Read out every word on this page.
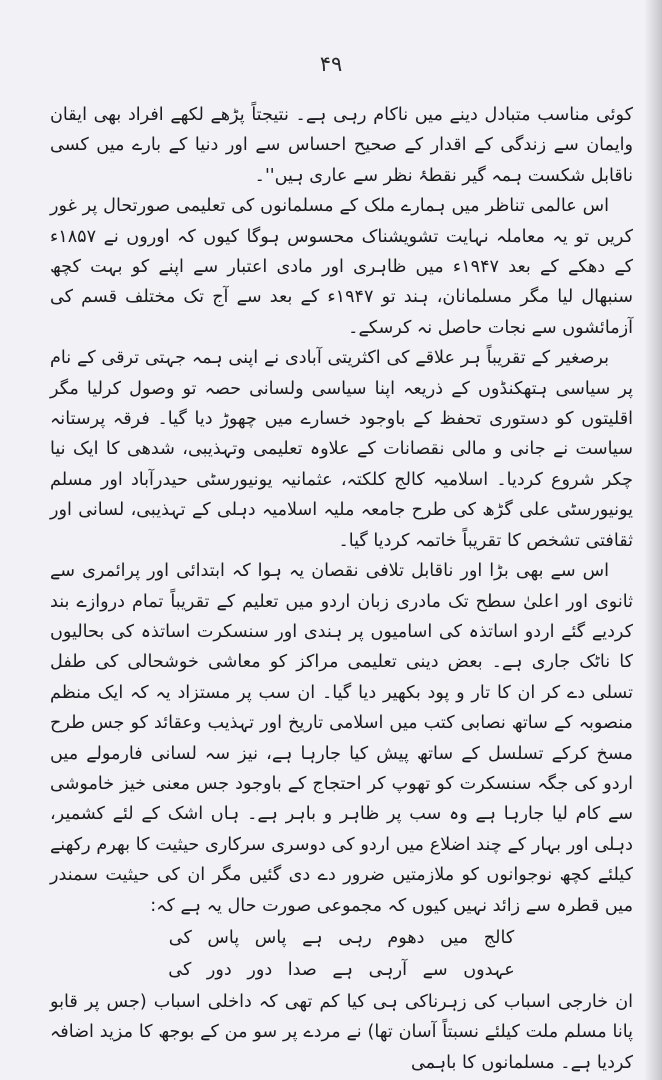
۴۹

کوئی مناسب متبادل دینے میں ناکام رہی ہے۔ نتیجتاً پڑھے لکھے افراد بھی ایقان وایمان سے زندگی کے اقدار کے صحیح احساس سے اور دنیا کے بارے میں کسی ناقابل شکست ہمہ گیر نقطۂ نظر سے عاری ہیں''۔

اس عالمی تناظر میں ہمارے ملک کے مسلمانوں کی تعلیمی صورتحال پر غور کریں تو یہ معاملہ نہایت تشویشناک محسوس ہوگا کیوں کہ اوروں نے ۱۸۵۷ء کے دھکے کے بعد ۱۹۴۷ء میں ظاہری اور مادی اعتبار سے اپنے کو بہت کچھ سنبھال لیا مگر مسلمانان، ہند تو ۱۹۴۷ء کے بعد سے آج تک مختلف قسم کی آزمائشوں سے نجات حاصل نہ کرسکے۔

برصغیر کے تقریباً ہر علاقے کی اکثریتی آبادی نے اپنی ہمہ جہتی ترقی کے نام پر سیاسی ہتھکنڈوں کے ذریعہ اپنا سیاسی ولسانی حصہ تو وصول کرلیا مگر اقلیتوں کو دستوری تحفظ کے باوجود خسارے میں چھوڑ دیا گیا۔ فرقہ پرستانہ سیاست نے جانی و مالی نقصانات کے علاوہ تعلیمی وتہذیبی، شدھی کا ایک نیا چکر شروع کردیا۔ اسلامیہ کالج کلکتہ، عثمانیہ یونیورسٹی حیدرآباد اور مسلم یونیورسٹی علی گڑھ کی طرح جامعہ ملیہ اسلامیہ دہلی کے تہذیبی، لسانی اور ثقافتی تشخص کا تقریباً خاتمہ کردیا گیا۔

اس سے بھی بڑا اور ناقابل تلافی نقصان یہ ہوا کہ ابتدائی اور پرائمری سے ثانوی اور اعلیٰ سطح تک مادری زبان اردو میں تعلیم کے تقریباً تمام دروازے بند کردیے گئے اردو اساتذہ کی اسامیوں پر ہندی اور سنسکرت اساتذہ کی بحالیوں کا ناٹک جاری ہے۔ بعض دینی تعلیمی مراکز کو معاشی خوشحالی کی طفل تسلی دے کر ان کا تار و پود بکھیر دیا گیا۔ ان سب پر مستزاد یہ کہ ایک منظم منصوبہ کے ساتھ نصابی کتب میں اسلامی تاریخ اور تہذیب وعقائد کو جس طرح مسخ کرکے تسلسل کے ساتھ پیش کیا جارہا ہے، نیز سہ لسانی فارمولے میں اردو کی جگہ سنسکرت کو تھوپ کر احتجاج کے باوجود جس معنی خیز خاموشی سے کام لیا جارہا ہے وہ سب پر ظاہر و باہر ہے۔ ہاں اشک کے لئے کشمیر، دہلی اور بہار کے چند اضلاع میں اردو کی دوسری سرکاری حیثیت کا بھرم رکھنے کیلئے کچھ نوجوانوں کو ملازمتیں ضرور دے دی گئیں مگر ان کی حیثیت سمندر میں قطرہ سے زائد نہیں کیوں کہ مجموعی صورت حال یہ ہے کہ:

کالج میں دھوم رہی ہے پاس پاس کی
عہدوں سے آرہی ہے صدا دور دور کی

ان خارجی اسباب کی زہرناکی ہی کیا کم تھی کہ داخلی اسباب (جس پر قابو پانا مسلم ملت کیلئے نسبتاً آسان تھا) نے مردے پر سو من کے بوجھ کا مزید اضافہ کردیا ہے۔ مسلمانوں کا باہمی
